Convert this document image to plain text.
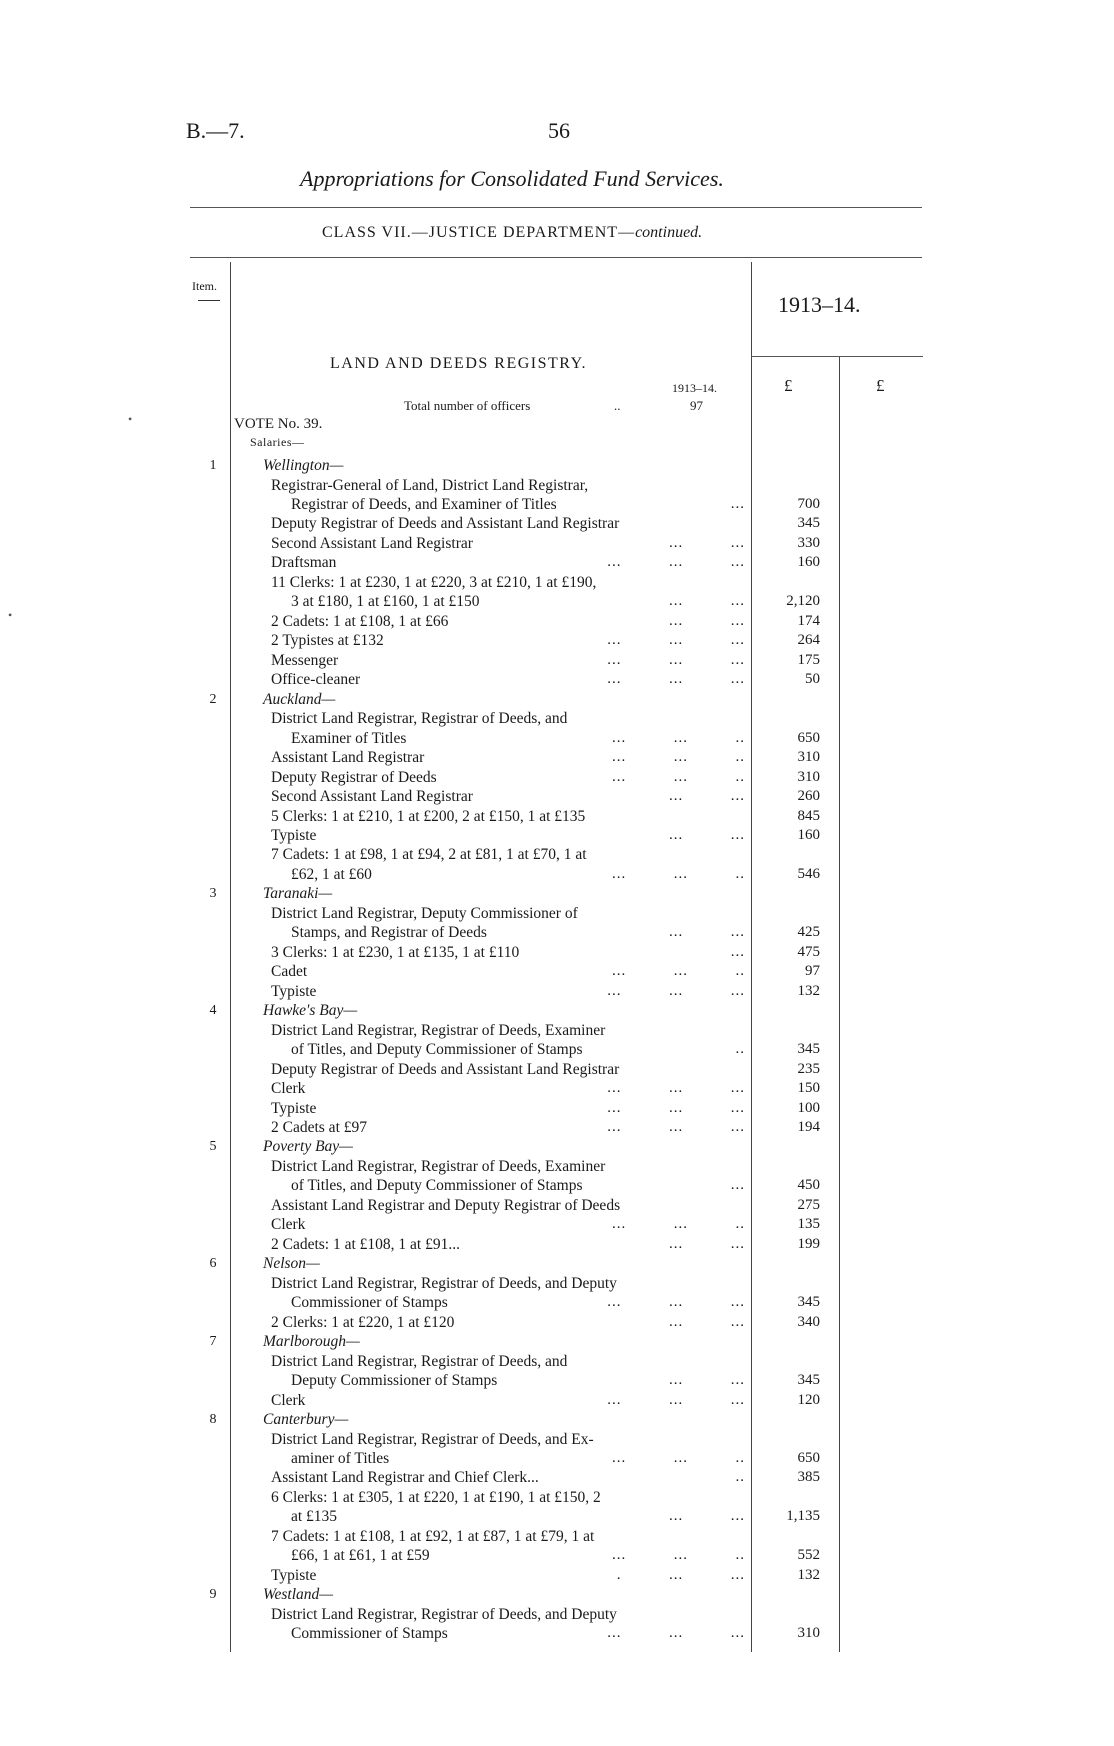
B.—7.	56
Appropriations for Consolidated Fund Services.
CLASS VII.—JUSTICE DEPARTMENT—continued.
Item.
1913–14.
£	£
LAND AND DEEDS REGISTRY.
1913–14.
Total number of officers	..	97
VOTE No. 39.
Salaries—
1	Wellington—
Registrar-General of Land, District Land Registrar,
Registrar of Deeds, and Examiner of Titles	...	700
Deputy Registrar of Deeds and Assistant Land Registrar	345
Second Assistant Land Registrar	...          ...	330
Draftsman	...          ...          ...	160
11 Clerks: 1 at £230, 1 at £220, 3 at £210, 1 at £190,
3 at £180, 1 at £160, 1 at £150	...          ...	2,120
2 Cadets: 1 at £108, 1 at £66	...          ...	174
2 Typistes at £132	...          ...          ...	264
Messenger	...          ...          ...	175
Office-cleaner	...          ...          ...	50
2	Auckland—
District Land Registrar, Registrar of Deeds, and
Examiner of Titles	...          ...          ..	650
Assistant Land Registrar	...          ...          ..	310
Deputy Registrar of Deeds	...          ...          ..	310
Second Assistant Land Registrar	...          ...	260
5 Clerks: 1 at £210, 1 at £200, 2 at £150, 1 at £135	845
Typiste	...          ...	160
7 Cadets: 1 at £98, 1 at £94, 2 at £81, 1 at £70, 1 at
£62, 1 at £60	...          ...          ..	546
3	Taranaki—
District Land Registrar, Deputy Commissioner of
Stamps, and Registrar of Deeds	...          ...	425
3 Clerks: 1 at £230, 1 at £135, 1 at £110	...	475
Cadet	...          ...          ..	97
Typiste	...          ...          ...	132
4	Hawke's Bay—
District Land Registrar, Registrar of Deeds, Examiner
of Titles, and Deputy Commissioner of Stamps	..	345
Deputy Registrar of Deeds and Assistant Land Registrar	235
Clerk	...          ...          ...	150
Typiste	...          ...          ...	100
2 Cadets at £97	...          ...          ...	194
5	Poverty Bay—
District Land Registrar, Registrar of Deeds, Examiner
of Titles, and Deputy Commissioner of Stamps	...	450
Assistant Land Registrar and Deputy Registrar of Deeds	275
Clerk	...          ...          ..	135
2 Cadets: 1 at £108, 1 at £91...	...          ...	199
6	Nelson—
District Land Registrar, Registrar of Deeds, and Deputy
Commissioner of Stamps	...          ...          ...	345
2 Clerks: 1 at £220, 1 at £120	...          ...	340
7	Marlborough—
District Land Registrar, Registrar of Deeds, and
Deputy Commissioner of Stamps	...          ...	345
Clerk	...          ...          ...	120
8	Canterbury—
District Land Registrar, Registrar of Deeds, and Ex-
aminer of Titles	...          ...          ..	650
Assistant Land Registrar and Chief Clerk...	..	385
6 Clerks: 1 at £305, 1 at £220, 1 at £190, 1 at £150, 2
at £135	...          ...	1,135
7 Cadets: 1 at £108, 1 at £92, 1 at £87, 1 at £79, 1 at
£66, 1 at £61, 1 at £59	...          ...          ..	552
Typiste	.          ...          ...	132
9	Westland—
District Land Registrar, Registrar of Deeds, and Deputy
Commissioner of Stamps	...          ...          ...	310
•
•
